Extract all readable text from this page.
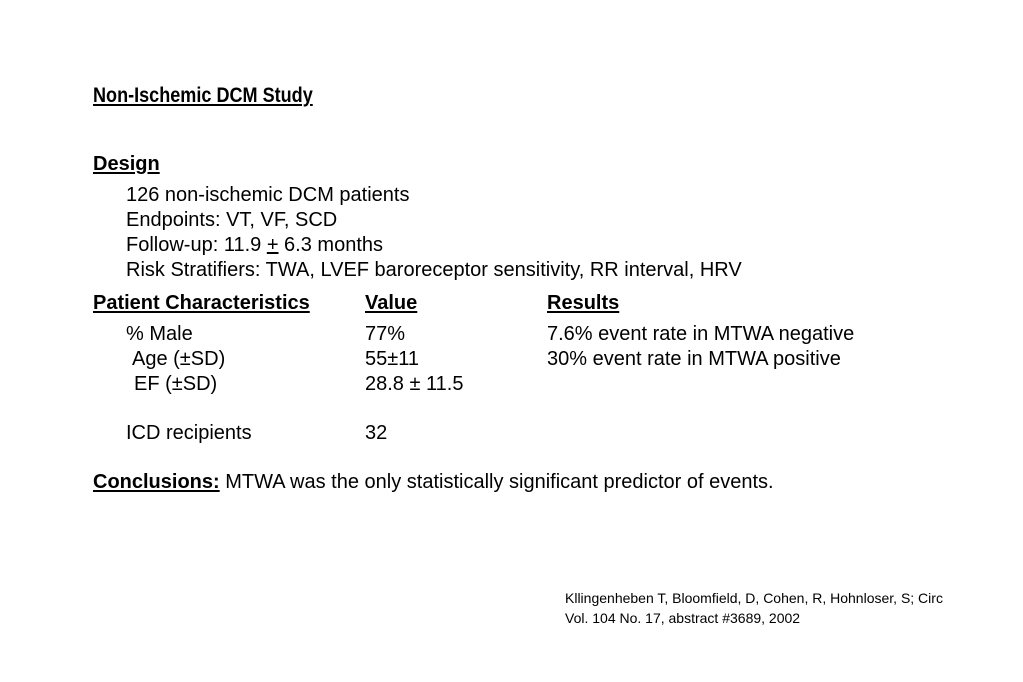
Non-Ischemic DCM Study
Design
126 non-ischemic DCM patients
Endpoints: VT, VF, SCD
Follow-up: 11.9 + 6.3 months
Risk Stratifiers: TWA, LVEF baroreceptor sensitivity, RR interval, HRV
Patient Characteristics	Value	Results
% Male	77%	7.6% event rate in MTWA negative
Age (±SD)	55±11	30% event rate in MTWA positive
EF (±SD)	28.8 ± 11.5
ICD recipients	32
Conclusions: MTWA was the only statistically significant predictor of events.
Kllingenheben T, Bloomfield, D, Cohen, R, Hohnloser, S; Circ
Vol. 104 No. 17, abstract #3689, 2002
